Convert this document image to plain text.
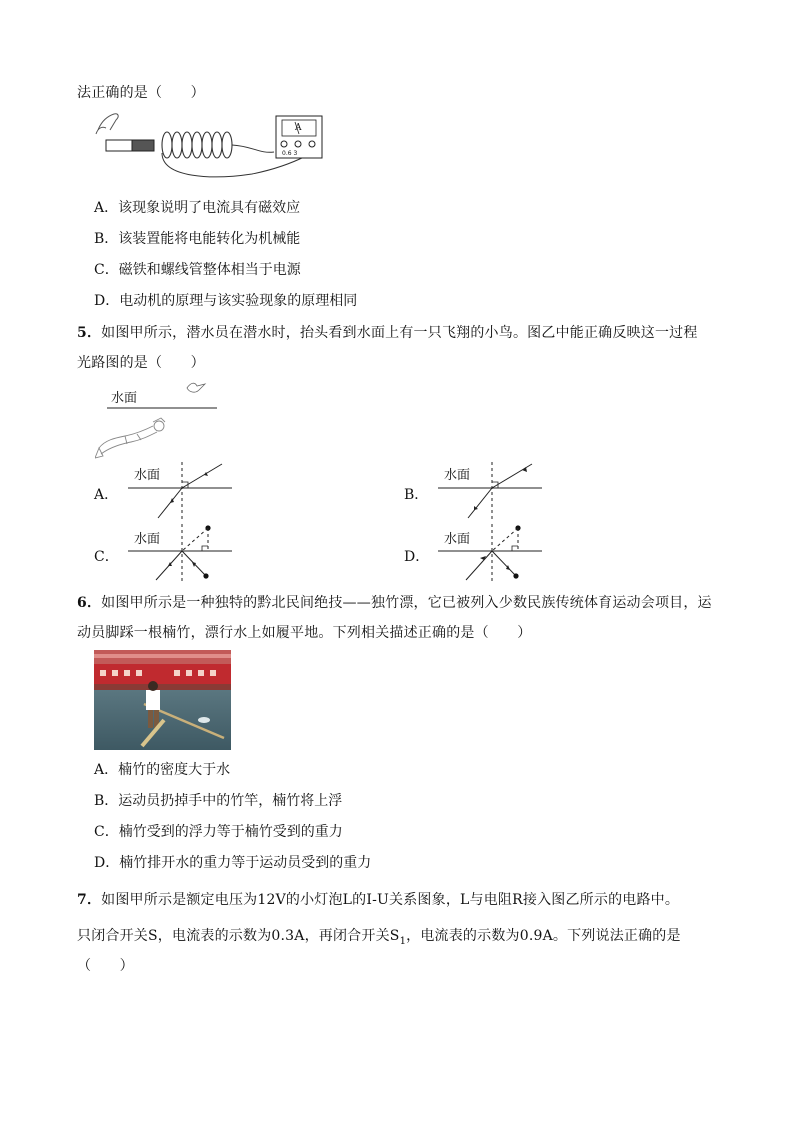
法正确的是（　　）
A
0.6 3
A．该现象说明了电流具有磁效应
B．该装置能将电能转化为机械能
C．磁铁和螺线管整体相当于电源
D．电动机的原理与该实验现象的原理相同
5．如图甲所示，潜水员在潜水时，抬头看到水面上有一只飞翔的小鸟。图乙中能正确反映这一过程
光路图的是（　　）
水面
A．
水面
B．
水面
C．
水面
D．
水面
6．如图甲所示是一种独特的黔北民间绝技——独竹漂，它已被列入少数民族传统体育运动会项目，运
动员脚踩一根楠竹，漂行水上如履平地。下列相关描述正确的是（　　）
A．楠竹的密度大于水
B．运动员扔掉手中的竹竿，楠竹将上浮
C．楠竹受到的浮力等于楠竹受到的重力
D．楠竹排开水的重力等于运动员受到的重力
7．如图甲所示是额定电压为12V的小灯泡L的I-U关系图象，L与电阻R接入图乙所示的电路中。
只闭合开关S，电流表的示数为0.3A，再闭合开关$S_1$，电流表的示数为0.9A。下列说法正确的是
（　　）
